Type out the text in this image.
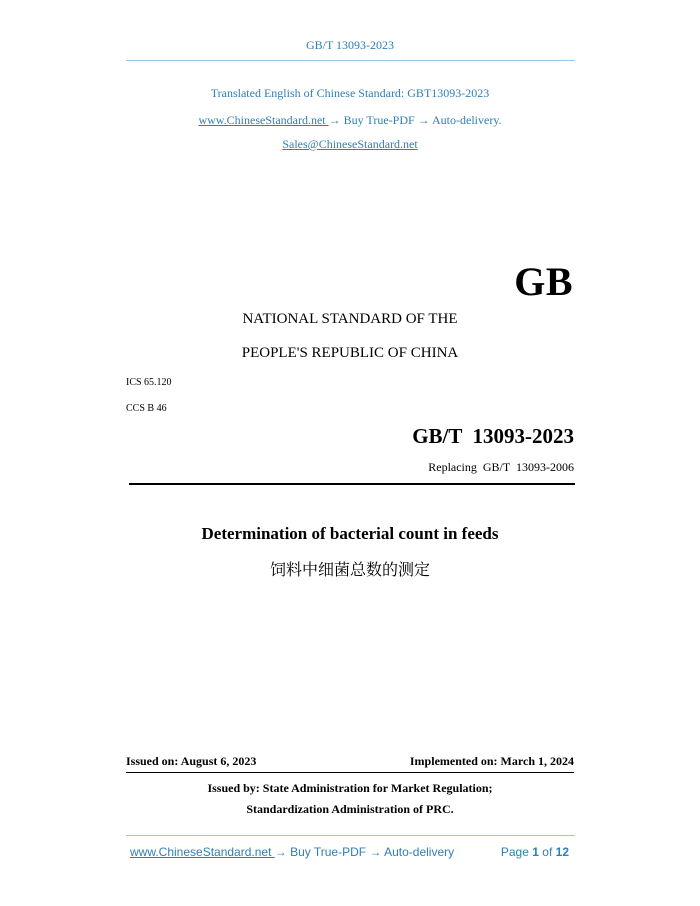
GB/T 13093-2023
Translated English of Chinese Standard: GBT13093-2023
www.ChineseStandard.net → Buy True-PDF → Auto-delivery.
Sales@ChineseStandard.net
GB
NATIONAL STANDARD OF THE
PEOPLE'S REPUBLIC OF CHINA
ICS 65.120
CCS B 46
GB/T  13093-2023
Replacing  GB/T  13093-2006
Determination of bacterial count in feeds
饲料中细菌总数的测定
Issued on: August 6, 2023	Implemented on: March 1, 2024
Issued by: State Administration for Market Regulation;
Standardization Administration of PRC.
www.ChineseStandard.net → Buy True-PDF → Auto-delivery	Page 1 of 12
